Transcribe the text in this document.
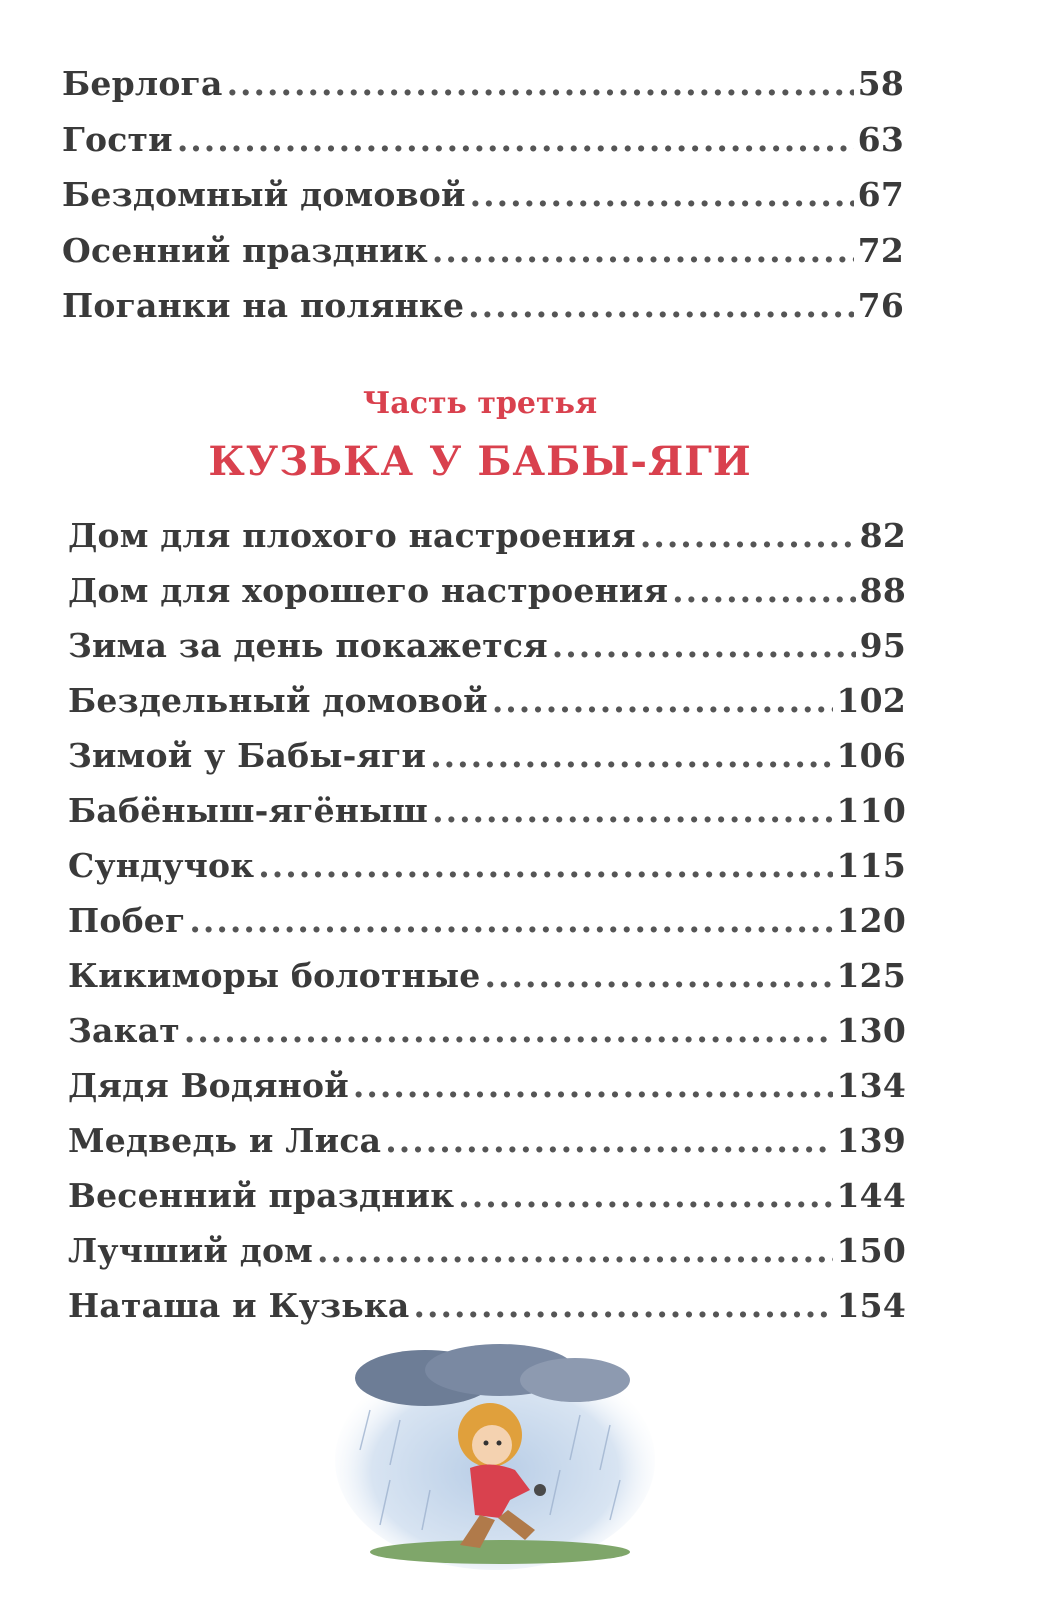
Берлога .....	58
Гости .....	63
Бездомный домовой .....	67
Осенний праздник .....	72
Поганки на полянке .....	76
Часть третья
КУЗЬКА У БАБЫ-ЯГИ
Дом для плохого настроения .....	82
Дом для хорошего настроения .....	88
Зима за день покажется .....	95
Бездельный домовой .....	102
Зимой у Бабы-яги .....	106
Бабёныш-ягёныш .....	110
Сундучок .....	115
Побег .....	120
Кикиморы болотные .....	125
Закат .....	130
Дядя Водяной .....	134
Медведь и Лиса .....	139
Весенний праздник .....	144
Лучший дом .....	150
Наташа и Кузька .....	154
